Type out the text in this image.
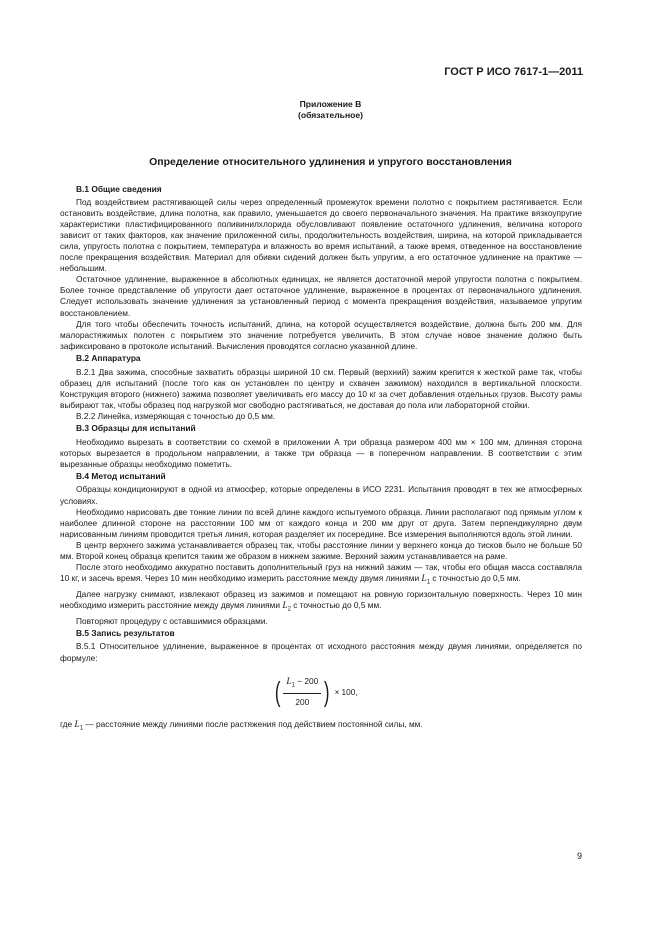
ГОСТ Р ИСО 7617-1—2011
Приложение В
(обязательное)
Определение относительного удлинения и упругого восстановления
В.1 Общие сведения

Под воздействием растягивающей силы через определенный промежуток времени полотно с покрытием растягивается. Если остановить воздействие, длина полотна, как правило, уменьшается до своего первоначального значения. На практике вязкоупругие характеристики пластифицированного поливинилхлорида обусловливают появление остаточного удлинения, величина которого зависит от таких факторов, как значение приложенной силы, продолжительность воздействия, ширина, на которой прикладывается сила, упругость полотна с покрытием, температура и влажность во время испытаний, а также время, отведенное на восстановление после прекращения воздействия. Материал для обивки сидений должен быть упругим, а его остаточное удлинение на практике — небольшим.

Остаточное удлинение, выраженное в абсолютных единицах, не является достаточной мерой упругости полотна с покрытием. Более точное представление об упругости дает остаточное удлинение, выраженное в процентах от первоначального удлинения. Следует использовать значение удлинения за установленный период с момента прекращения воздействия, называемое упругим восстановлением.

Для того чтобы обеспечить точность испытаний, длина, на которой осуществляется воздействие, должна быть 200 мм. Для малорастяжимых полотен с покрытием это значение потребуется увеличить. В этом случае новое значение должно быть зафиксировано в протоколе испытаний. Вычисления проводятся согласно указанной длине.

В.2 Аппаратура

В.2.1 Два зажима, способные захватить образцы шириной 10 см. Первый (верхний) зажим крепится к жесткой раме так, чтобы образец для испытаний (после того как он установлен по центру и схвачен зажимом) находился в вертикальной плоскости. Конструкция второго (нижнего) зажима позволяет увеличивать его массу до 10 кг за счет добавления отдельных грузов. Высоту рамы выбирают так, чтобы образец под нагрузкой мог свободно растягиваться, не доставая до пола или лабораторной стойки.

В.2.2 Линейка, измеряющая с точностью до 0,5 мм.

В.3 Образцы для испытаний

Необходимо вырезать в соответствии со схемой в приложении А три образца размером 400 мм × 100 мм, длинная сторона которых вырезается в продольном направлении, а также три образца — в поперечном направлении. В соответствии с этим вырезанные образцы необходимо пометить.

В.4 Метод испытаний

Образцы кондиционируют в одной из атмосфер, которые определены в ИСО 2231. Испытания проводят в тех же атмосферных условиях.

Необходимо нарисовать две тонкие линии по всей длине каждого испытуемого образца. Линии располагают под прямым углом к наиболее длинной стороне на расстоянии 100 мм от каждого конца и 200 мм друг от друга. Затем перпендикулярно двум нарисованным линиям проводится третья линия, которая разделяет их посередине. Все измерения выполняются вдоль этой линии.

В центр верхнего зажима устанавливается образец так, чтобы расстояние линии у верхнего конца до тисков было не больше 50 мм. Второй конец образца крепится таким же образом в нижнем зажиме. Верхний зажим устанавливается на раме.

После этого необходимо аккуратно поставить дополнительный груз на нижний зажим — так, чтобы его общая масса составляла 10 кг, и засечь время. Через 10 мин необходимо измерить расстояние между двумя линиями $L_1$ с точностью до 0,5 мм.

Далее нагрузку снимают, извлекают образец из зажимов и помещают на ровную горизонтальную поверхность. Через 10 мин необходимо измерить расстояние между двумя линиями $L_2$ с точностью до 0,5 мм.

Повторяют процедуру с оставшимися образцами.

В.5 Запись результатов

В.5.1 Относительное удлинение, выраженное в процентах от исходного расстояния между двумя линиями, определяется по формуле:

( $\frac{L_1 - 200}{200}$ ) × 100,

где $L_1$ — расстояние между линиями после растяжения под действием постоянной силы, мм.

9
